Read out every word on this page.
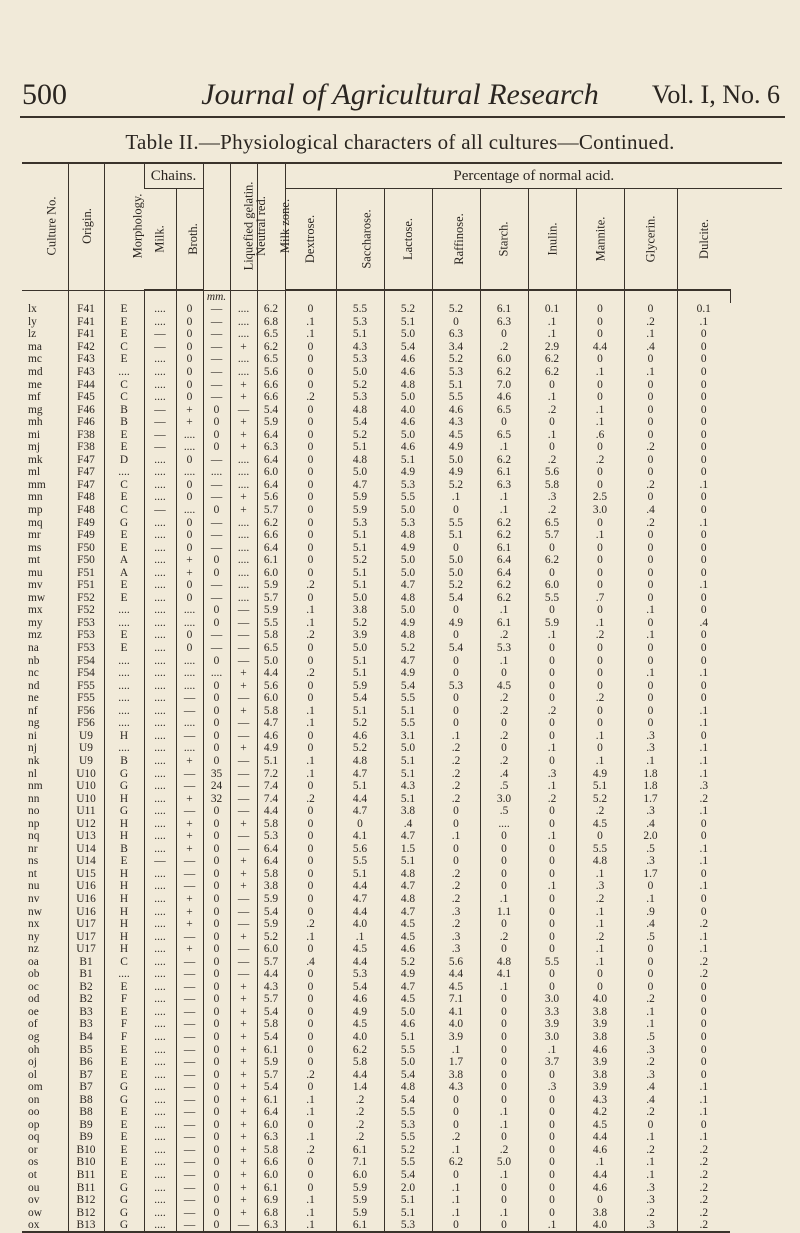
Journal of Agricultural Research
500	Vol. I, No. 6
Table II.—Physiological characters of all cultures—Continued.
Culture No.	Origin.	Morphology.	Chains.		Liquefied gelatin.	Neutral red.	Milk zone.	Percentage of normal acid.									
			Milk.	Broth.				Dextrose.	Saccharose.	Lactose.	Raffinose.	Starch.	Inulin.	Mannite.	Glycerin.	Dulcite.	
					mm.												
lx	F41	E	....	0	—	....	6.2	0	5.5	5.2	5.2	6.1	0.1	0	0	0.1	
ly	F41	E	....	0	—	....	6.8	.1	5.3	5.1	0	6.3	.1	0	.2	.1	
lz	F41	E	—	0	—	....	6.5	.1	5.1	5.0	6.3	0	.1	0	.1	0	
ma	F42	C	—	0	—	+	6.2	0	4.3	5.4	3.4	.2	2.9	4.4	.4	0	
mc	F43	E	....	0	—	....	6.5	0	5.3	4.6	5.2	6.0	6.2	0	0	0	
md	F43	....	....	0	—	....	5.6	0	5.0	4.6	5.3	6.2	6.2	.1	.1	0	
me	F44	C	....	0	—	+	6.6	0	5.2	4.8	5.1	7.0	0	0	0	0	
mf	F45	C	....	0	—	+	6.6	.2	5.3	5.0	5.5	4.6	.1	0	0	0	
mg	F46	B	—	+	0	—	5.4	0	4.8	4.0	4.6	6.5	.2	.1	0	0	
mh	F46	B	—	+	0	+	5.9	0	5.4	4.6	4.3	0	0	.1	0	0	
mi	F38	E	—	....	0	+	6.4	0	5.2	5.0	4.5	6.5	.1	.6	0	0	
mj	F38	E	—	....	0	+	6.3	0	5.1	4.6	4.9	.1	0	0	.2	0	
mk	F47	D	....	0	—	....	6.4	0	4.8	5.1	5.0	6.2	.2	.2	0	0	
ml	F47	....	....	....	....	....	6.0	0	5.0	4.9	4.9	6.1	5.6	0	0	0	
mm	F47	C	....	0	—	....	6.4	0	4.7	5.3	5.2	6.3	5.8	0	.2	.1	
mn	F48	E	....	0	—	+	5.6	0	5.9	5.5	.1	.1	.3	2.5	0	0	
mp	F48	C	—	....	0	+	5.7	0	5.9	5.0	0	.1	.2	3.0	.4	0	
mq	F49	G	....	0	—	....	6.2	0	5.3	5.3	5.5	6.2	6.5	0	.2	.1	
mr	F49	E	....	0	—	....	6.6	0	5.1	4.8	5.1	6.2	5.7	.1	0	0	
ms	F50	E	....	0	—	....	6.4	0	5.1	4.9	0	6.1	0	0	0	0	
mt	F50	A	....	+	0	....	6.1	0	5.2	5.0	5.0	6.4	6.2	0	0	0	
mu	F51	A	....	+	0	....	6.0	0	5.1	5.0	5.0	6.4	0	0	0	0	
mv	F51	E	....	0	—	....	5.9	.2	5.1	4.7	5.2	6.2	6.0	0	0	.1	
mw	F52	E	....	0	—	....	5.7	0	5.0	4.8	5.4	6.2	5.5	.7	0	0	
mx	F52	....	....	....	0	—	5.9	.1	3.8	5.0	0	.1	0	0	.1	0	
my	F53	....	....	....	0	—	5.5	.1	5.2	4.9	4.9	6.1	5.9	.1	0	.4	
mz	F53	E	....	0	—	—	5.8	.2	3.9	4.8	0	.2	.1	.2	.1	0	
na	F53	E	....	0	—	—	6.5	0	5.0	5.2	5.4	5.3	0	0	0	0	
nb	F54	....	....	....	0	—	5.0	0	5.1	4.7	0	.1	0	0	0	0	
nc	F54	....	....	....	....	+	4.4	.2	5.1	4.9	0	0	0	0	.1	.1	
nd	F55	....	....	....	0	+	5.6	0	5.9	5.4	5.3	4.5	0	0	0	0	
ne	F55	....	....	—	0	—	6.0	0	5.4	5.5	0	.2	0	.2	0	0	
nf	F56	....	....	—	0	+	5.8	.1	5.1	5.1	0	.2	.2	0	0	.1	
ng	F56	....	....	....	0	—	4.7	.1	5.2	5.5	0	0	0	0	0	.1	
ni	U9	H	....	—	0	—	4.6	0	4.6	3.1	.1	.2	0	.1	.3	0	
nj	U9	....	....	....	0	+	4.9	0	5.2	5.0	.2	0	.1	0	.3	.1	
nk	U9	B	....	+	0	—	5.1	.1	4.8	5.1	.2	.2	0	.1	.1	.1	
nl	U10	G	....	—	35	—	7.2	.1	4.7	5.1	.2	.4	.3	4.9	1.8	.1	
nm	U10	G	....	—	24	—	7.4	0	5.1	4.3	.2	.5	.1	5.1	1.8	.3	
nn	U10	H	....	+	32	—	7.4	.2	4.4	5.1	.2	3.0	.2	5.2	1.7	.2	
no	U11	G	....	—	0	—	4.4	0	4.7	3.8	0	.5	0	.2	.3	.1	
np	U12	H	....	+	0	+	5.8	0	0	.4	0	....	0	4.5	.4	0	
nq	U13	H	....	+	0	—	5.3	0	4.1	4.7	.1	0	.1	0	2.0	0	
nr	U14	B	....	+	0	—	6.4	0	5.6	1.5	0	0	0	5.5	.5	.1	
ns	U14	E	—	—	0	+	6.4	0	5.5	5.1	0	0	0	4.8	.3	.1	
nt	U15	H	....	—	0	+	5.8	0	5.1	4.8	.2	0	0	.1	1.7	0	
nu	U16	H	....	—	0	+	3.8	0	4.4	4.7	.2	0	.1	.3	0	.1	
nv	U16	H	....	+	0	—	5.9	0	4.7	4.8	.2	.1	0	.2	.1	0	
nw	U16	H	....	+	0	—	5.4	0	4.4	4.7	.3	1.1	0	.1	.9	0	
nx	U17	H	....	+	0	—	5.9	.2	4.0	4.5	.2	0	0	.1	.4	.2	
ny	U17	H	....	—	0	+	5.2	.1	.1	4.5	.3	.2	0	.2	.5	.1	
nz	U17	H	....	+	0	—	6.0	0	4.5	4.6	.3	0	0	.1	0	.1	
oa	B1	C	....	—	0	—	5.7	.4	4.4	5.2	5.6	4.8	5.5	.1	0	.2	
ob	B1	....	....	—	0	—	4.4	0	5.3	4.9	4.4	4.1	0	0	0	.2	
oc	B2	E	....	—	0	+	4.3	0	5.4	4.7	4.5	.1	0	0	0	0	
od	B2	F	....	—	0	+	5.7	0	4.6	4.5	7.1	0	3.0	4.0	.2	0	
oe	B3	E	....	—	0	+	5.4	0	4.9	5.0	4.1	0	3.3	3.8	.1	0	
of	B3	F	....	—	0	+	5.8	0	4.5	4.6	4.0	0	3.9	3.9	.1	0	
og	B4	F	....	—	0	+	5.4	0	4.0	5.1	3.9	0	3.0	3.8	.5	0	
oh	B5	E	....	—	0	+	6.1	0	6.2	5.5	.1	0	.1	4.6	.3	0	
oj	B6	E	....	—	0	+	5.9	0	5.8	5.0	1.7	0	3.7	3.9	.2	0	
ol	B7	E	....	—	0	+	5.7	.2	4.4	5.4	3.8	0	0	3.8	.3	0	
om	B7	G	....	—	0	+	5.4	0	1.4	4.8	4.3	0	.3	3.9	.4	.1	
on	B8	G	....	—	0	+	6.1	.1	.2	5.4	0	0	0	4.3	.4	.1	
oo	B8	E	....	—	0	+	6.4	.1	.2	5.5	0	.1	0	4.2	.2	.1	
op	B9	E	....	—	0	+	6.0	0	.2	5.3	0	.1	0	4.5	0	0	
oq	B9	E	....	—	0	+	6.3	.1	.2	5.5	.2	0	0	4.4	.1	.1	
or	B10	E	....	—	0	+	5.8	.2	6.1	5.2	.1	.2	0	4.6	.2	.2	
os	B10	E	....	—	0	+	6.6	0	7.1	5.5	6.2	5.0	0	.1	.1	.2	
ot	B11	E	....	—	0	+	6.0	0	6.0	5.4	0	.1	0	4.4	.1	.2	
ou	B11	G	....	—	0	+	6.1	0	5.9	2.0	.1	0	0	4.6	.3	.2	
ov	B12	G	....	—	0	+	6.9	.1	5.9	5.1	.1	0	0	0	.3	.2	
ow	B12	G	....	—	0	+	6.8	.1	5.9	5.1	.1	.1	0	3.8	.2	.2	
ox	B13	G	....	—	0	—	6.3	.1	6.1	5.3	0	0	.1	4.0	.3	.2	
